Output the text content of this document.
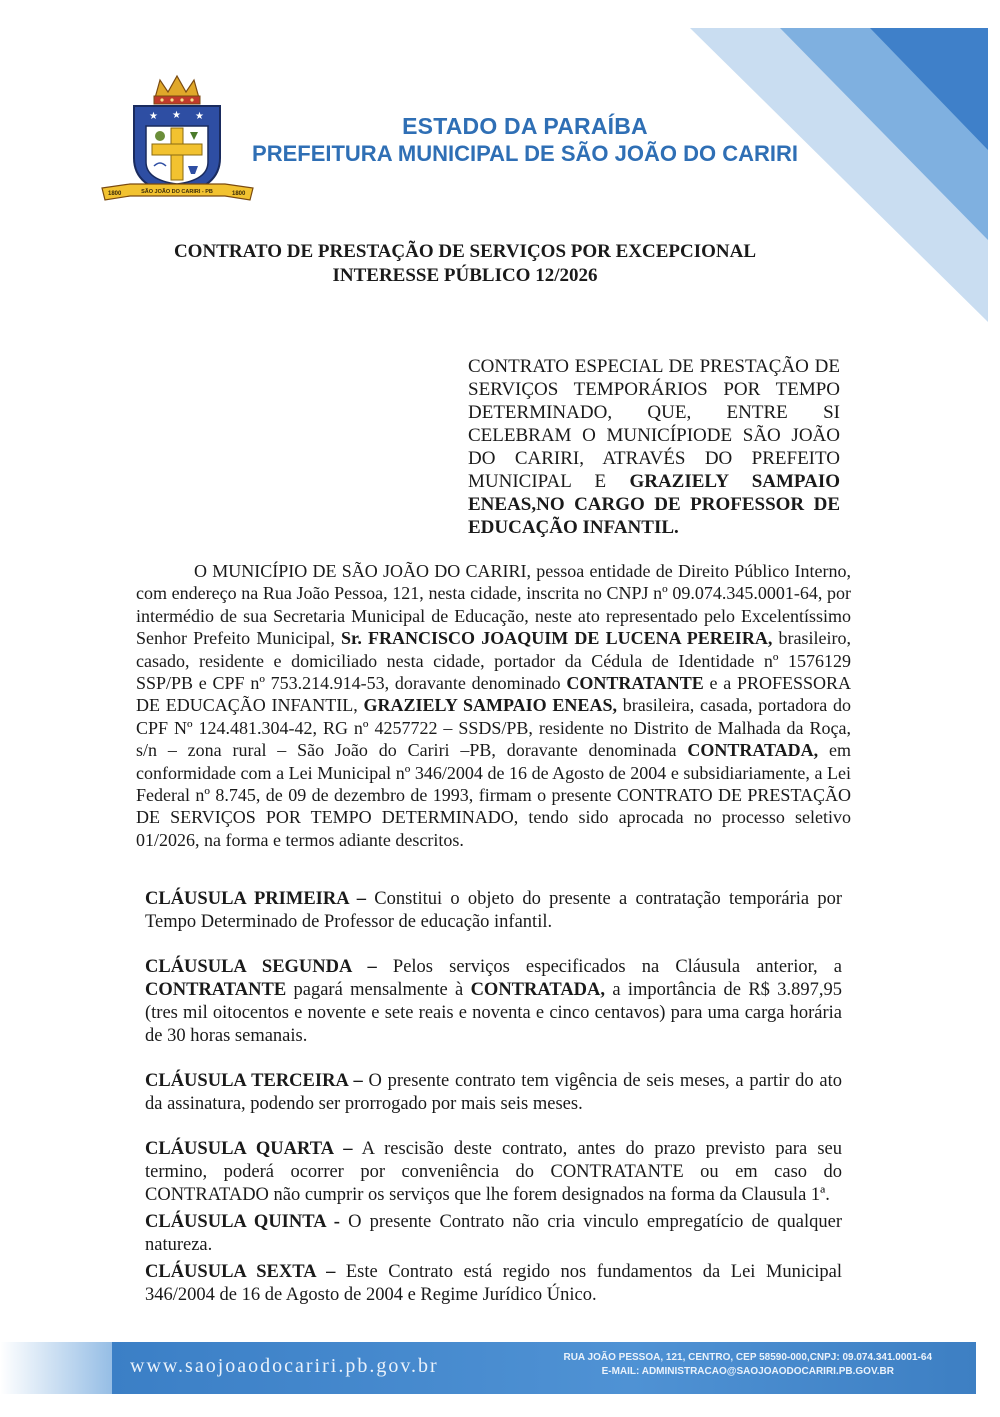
★ ★ ★
1800	SÃO JOÃO DO CARIRI - PB	1800
ESTADO DA PARAÍBA
PREFEITURA MUNICIPAL DE SÃO JOÃO DO CARIRI
CONTRATO DE PRESTAÇÃO DE SERVIÇOS POR EXCEPCIONAL
INTERESSE PÚBLICO 12/2026
CONTRATO ESPECIAL DE PRESTAÇÃO DE SERVIÇOS TEMPORÁRIOS POR TEMPO DETERMINADO, QUE, ENTRE SI CELEBRAM O MUNICÍPIODE SÃO JOÃO DO CARIRI, ATRAVÉS DO PREFEITO MUNICIPAL E GRAZIELY SAMPAIO ENEAS,NO CARGO DE PROFESSOR DE EDUCAÇÃO INFANTIL.
O MUNICÍPIO DE SÃO JOÃO DO CARIRI, pessoa entidade de Direito Público Interno, com endereço na Rua João Pessoa, 121, nesta cidade, inscrita no CNPJ nº 09.074.345.0001-64, por intermédio de sua Secretaria Municipal de Educação, neste ato representado pelo Excelentíssimo Senhor Prefeito Municipal, Sr. FRANCISCO JOAQUIM DE LUCENA PEREIRA, brasileiro, casado, residente e domiciliado nesta cidade, portador da Cédula de Identidade nº 1576129 SSP/PB e CPF nº 753.214.914-53, doravante denominado CONTRATANTE e a PROFESSORA DE EDUCAÇÃO INFANTIL, GRAZIELY SAMPAIO ENEAS, brasileira, casada, portadora do CPF Nº 124.481.304-42, RG nº 4257722 – SSDS/PB, residente no Distrito de Malhada da Roça, s/n – zona rural – São João do Cariri –PB, doravante denominada CONTRATADA, em conformidade com a Lei Municipal nº 346/2004 de 16 de Agosto de 2004 e subsidiariamente, a Lei Federal nº 8.745, de 09 de dezembro de 1993, firmam o presente CONTRATO DE PRESTAÇÃO DE SERVIÇOS POR TEMPO DETERMINADO, tendo sido aprocada no processo seletivo 01/2026, na forma e termos adiante descritos.

CLÁUSULA PRIMEIRA – Constitui o objeto do presente a contratação temporária por Tempo Determinado de Professor de educação infantil.

CLÁUSULA SEGUNDA – Pelos serviços especificados na Cláusula anterior, a CONTRATANTE pagará mensalmente à CONTRATADA, a importância de R$ 3.897,95 (tres mil oitocentos e novente e sete reais e noventa e cinco centavos) para uma carga horária de 30 horas semanais.

CLÁUSULA TERCEIRA – O presente contrato tem vigência de seis meses, a partir do ato da assinatura, podendo ser prorrogado por mais seis meses.

CLÁUSULA QUARTA – A rescisão deste contrato, antes do prazo previsto para seu termino, poderá ocorrer por conveniência do CONTRATANTE ou em caso do CONTRATADO não cumprir os serviços que lhe forem designados na forma da Clausula 1ª.

CLÁUSULA QUINTA - O presente Contrato não cria vinculo empregatício de qualquer natureza.

CLÁUSULA SEXTA – Este Contrato está regido nos fundamentos da Lei Municipal 346/2004 de 16 de Agosto de 2004 e Regime Jurídico Único.

www.saojoaodocariri.pb.gov.br	RUA JOÃO PESSOA, 121, CENTRO, CEP 58590-000,CNPJ: 09.074.341.0001-64
E-MAIL: ADMINISTRACAO@SAOJOAODOCARIRI.PB.GOV.BR
